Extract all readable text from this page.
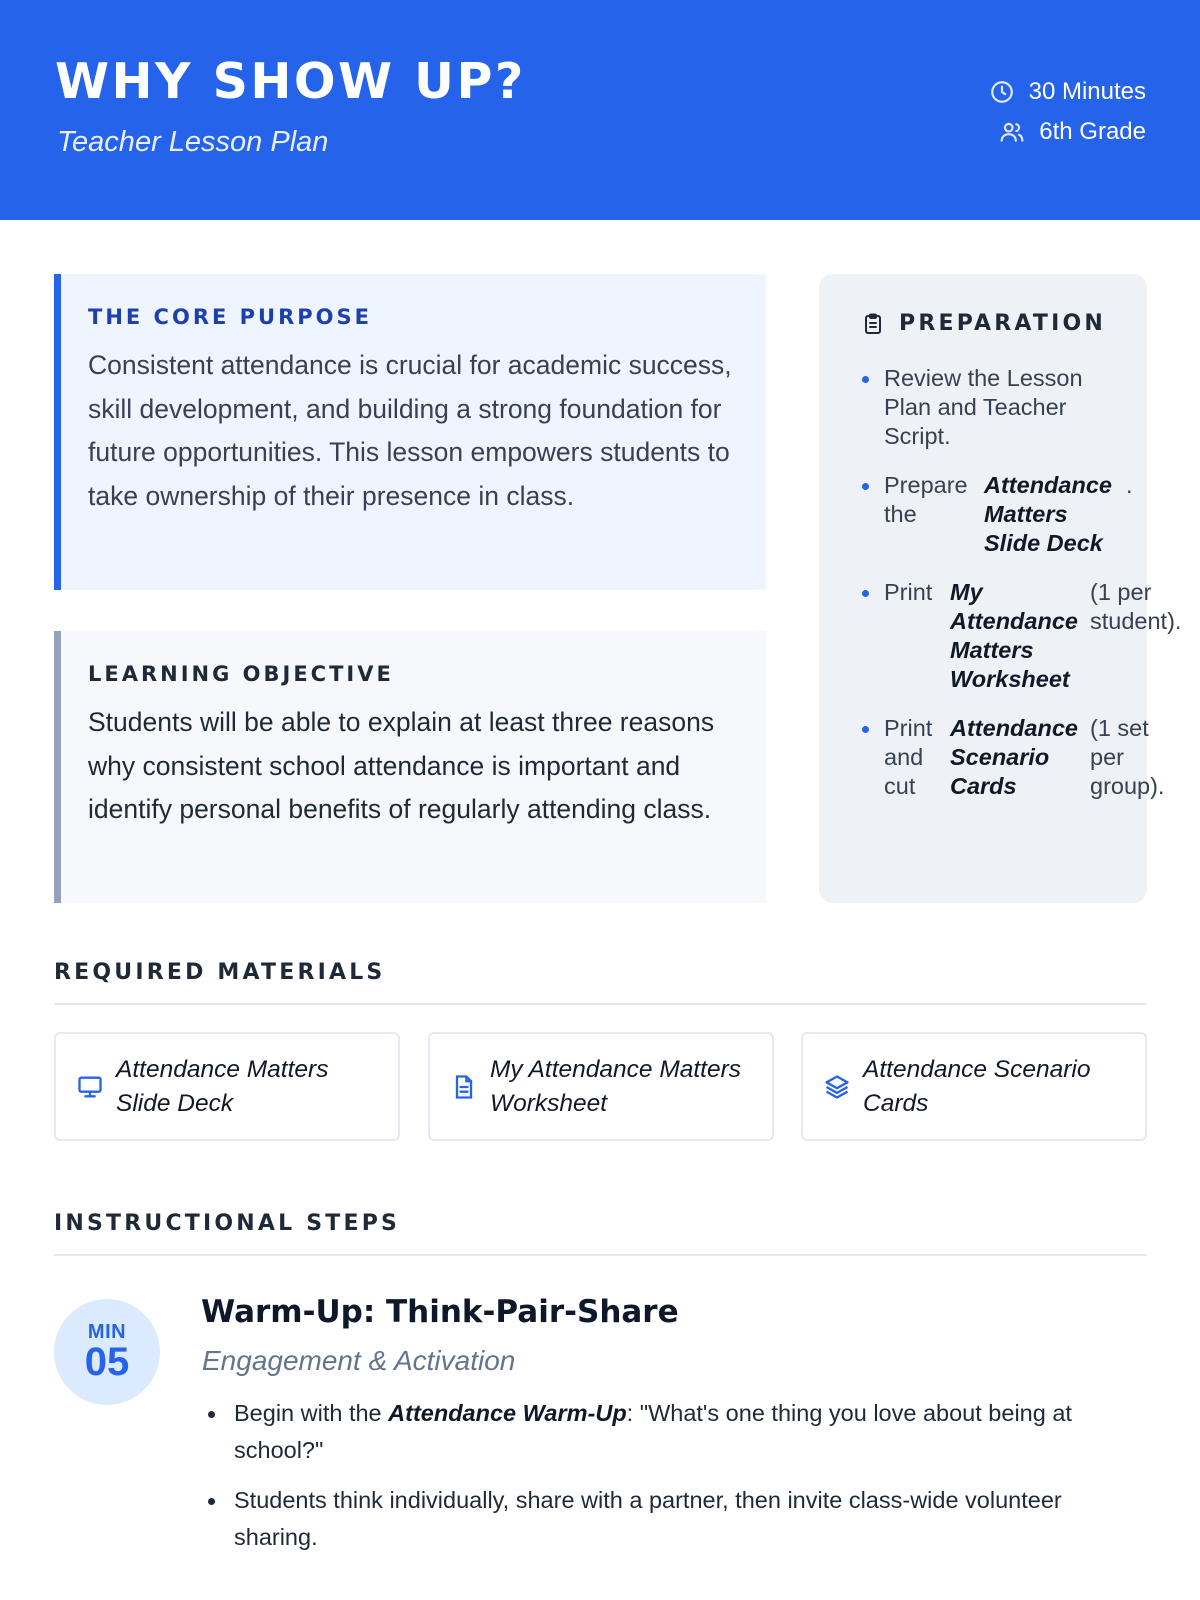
WHY SHOW UP?
Teacher Lesson Plan
30 Minutes
6th Grade
THE CORE PURPOSE

Consistent attendance is crucial for academic success, skill development, and building a strong foundation for future opportunities. This lesson empowers students to take ownership of their presence in class.

LEARNING OBJECTIVE

Students will be able to explain at least three reasons why consistent school attendance is important and identify personal benefits of regularly attending class.

PREPARATION
Review the Lesson Plan and Teacher Script.
Prepare the
Attendance Matters Slide Deck
.
Print My Attendance Matters Worksheet
(1 per student).
Print and cut
Attendance Scenario Cards
(1 set per group).
REQUIRED MATERIALS
Attendance Matters Slide Deck
My Attendance Matters Worksheet
Attendance Scenario Cards
INSTRUCTIONAL STEPS
MIN
05
Warm-Up: Think-Pair-Share
Engagement & Activation
Begin with the Attendance Warm-Up: "What's one thing you love about being at school?"
Students think individually, share with a partner, then invite class-wide volunteer sharing.
